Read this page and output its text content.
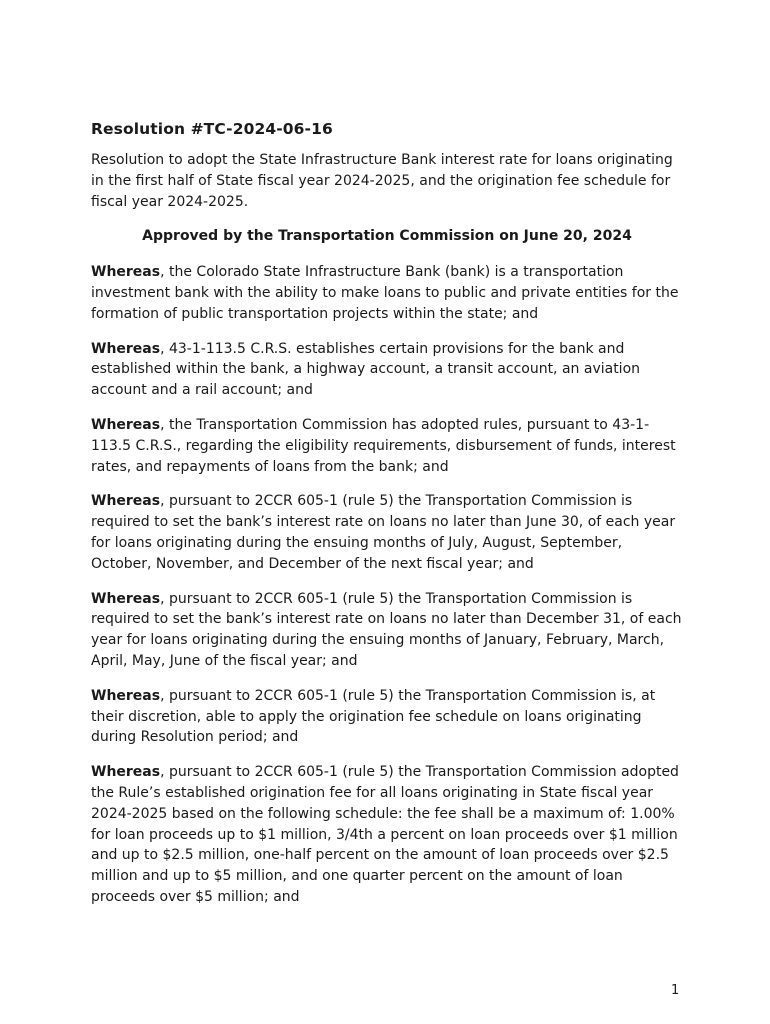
Resolution #TC-2024-06-16

Resolution to adopt the State Infrastructure Bank interest rate for loans originating in the first half of State fiscal year 2024-2025, and the origination fee schedule for fiscal year 2024-2025.

Approved by the Transportation Commission on June 20, 2024

Whereas, the Colorado State Infrastructure Bank (bank) is a transportation investment bank with the ability to make loans to public and private entities for the formation of public transportation projects within the state; and

Whereas, 43-1-113.5 C.R.S. establishes certain provisions for the bank and established within the bank, a highway account, a transit account, an aviation account and a rail account; and

Whereas, the Transportation Commission has adopted rules, pursuant to 43-1-113.5 C.R.S., regarding the eligibility requirements, disbursement of funds, interest rates, and repayments of loans from the bank; and

Whereas, pursuant to 2CCR 605-1 (rule 5) the Transportation Commission is required to set the bank’s interest rate on loans no later than June 30, of each year for loans originating during the ensuing months of July, August, September, October, November, and December of the next fiscal year; and

Whereas, pursuant to 2CCR 605-1 (rule 5) the Transportation Commission is required to set the bank’s interest rate on loans no later than December 31, of each year for loans originating during the ensuing months of January, February, March, April, May, June of the fiscal year; and

Whereas, pursuant to 2CCR 605-1 (rule 5) the Transportation Commission is, at their discretion, able to apply the origination fee schedule on loans originating during Resolution period; and

Whereas, pursuant to 2CCR 605-1 (rule 5) the Transportation Commission adopted the Rule’s established origination fee for all loans originating in State fiscal year 2024-2025 based on the following schedule: the fee shall be a maximum of: 1.00% for loan proceeds up to $1 million, 3/4th a percent on loan proceeds over $1 million and up to $2.5 million, one-half percent on the amount of loan proceeds over $2.5 million and up to $5 million, and one quarter percent on the amount of loan proceeds over $5 million; and

1
